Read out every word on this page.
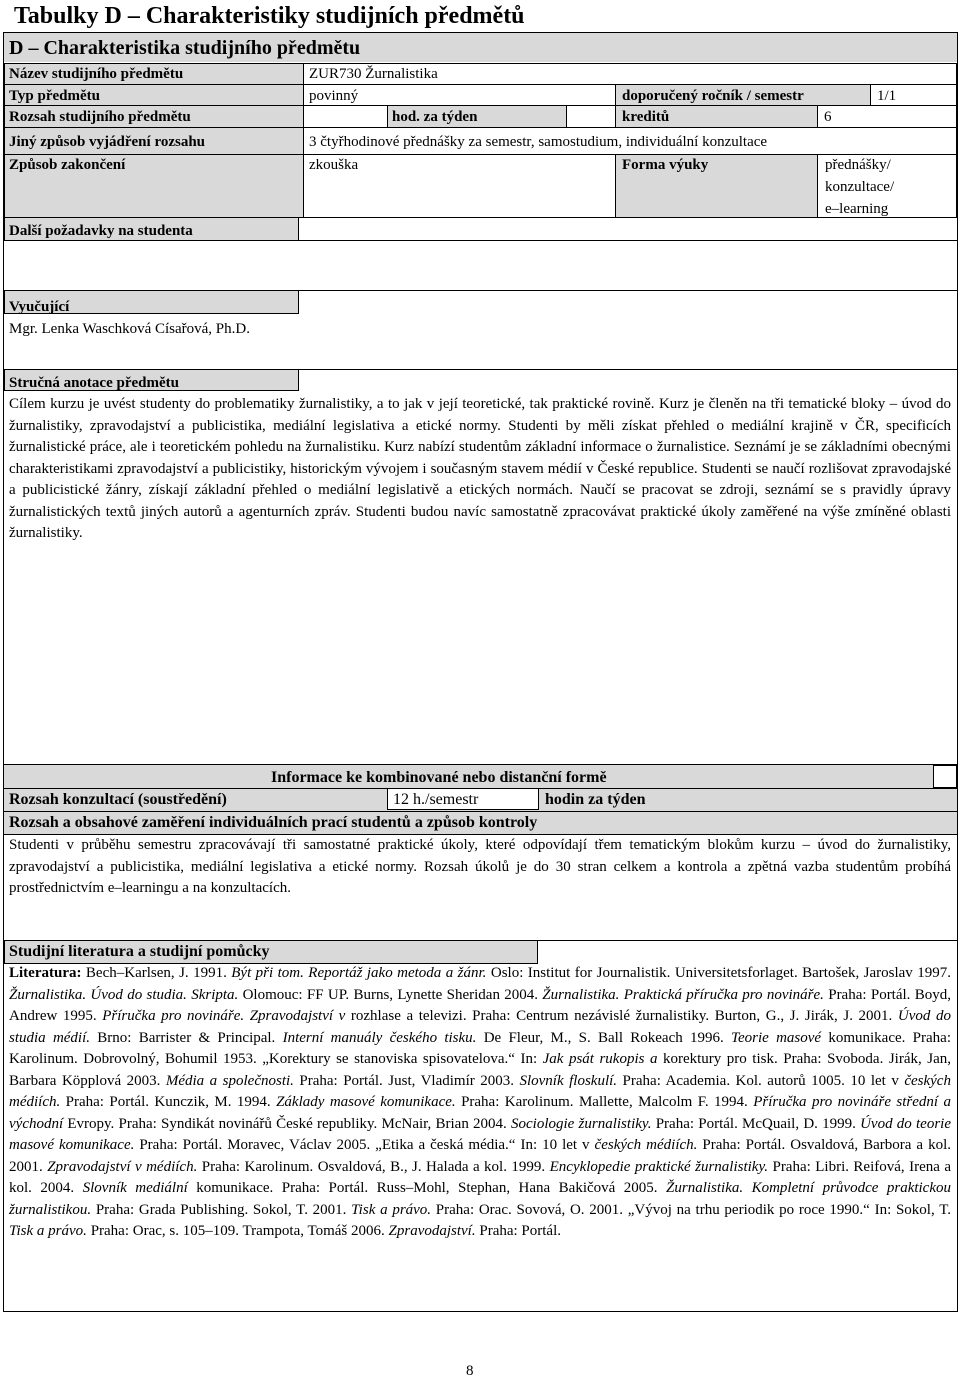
Tabulky D – Charakteristiky studijních předmětů
D – Charakteristika studijního předmětu
Název studijního předmětu	ZUR730 Žurnalistika
Typ předmětu	povinný	doporučený ročník / semestr	1/1
Rozsah studijního předmětu	hod. za týden	kreditů	6
Jiný způsob vyjádření rozsahu	3 čtyřhodinové přednášky za semestr, samostudium, individuální konzultace
Způsob zakončení	zkouška	Forma výuky	přednášky/
konzultace/
e–learning
Další požadavky na studenta
Vyučující
Mgr. Lenka Waschková Císařová, Ph.D.
Stručná anotace předmětu
Cílem kurzu je uvést studenty do problematiky žurnalistiky, a to jak v její teoretické, tak praktické rovině. Kurz je členěn na tři tematické bloky – úvod do žurnalistiky, zpravodajství a publicistika, mediální legislativa a etické normy. Studenti by měli získat přehled o mediální krajině v ČR, specificích žurnalistické práce, ale i teoretickém pohledu na žurnalistiku. Kurz nabízí studentům základní informace o žurnalistice. Seznámí je se základními obecnými charakteristikami zpravodajství a publicistiky, historickým vývojem i současným stavem médií v České republice. Studenti se naučí rozlišovat zpravodajské a publicistické žánry, získají základní přehled o mediální legislativě a etických normách. Naučí se pracovat se zdroji, seznámí se s pravidly úpravy žurnalistických textů jiných autorů a agenturních zpráv. Studenti budou navíc samostatně zpracovávat praktické úkoly zaměřené na výše zmíněné oblasti žurnalistiky.
Informace ke kombinované nebo distanční formě
Rozsah konzultací (soustředění)	12 h./semestr	hodin za týden
Rozsah a obsahové zaměření individuálních prací studentů a způsob kontroly
Studenti v průběhu semestru zpracovávají tři samostatné praktické úkoly, které odpovídají třem tematickým blokům kurzu – úvod do žurnalistiky, zpravodajství a publicistika, mediální legislativa a etické normy. Rozsah úkolů je do 30 stran celkem a kontrola a zpětná vazba studentům probíhá prostřednictvím e–learningu a na konzultacích.
Studijní literatura a studijní pomůcky
Literatura: Bech–Karlsen, J. 1991. Být při tom. Reportáž jako metoda a žánr. Oslo: Institut for Journalistik. Universitetsforlaget. Bartošek, Jaroslav 1997. Žurnalistika. Úvod do studia. Skripta. Olomouc: FF UP. Burns, Lynette Sheridan 2004. Žurnalistika. Praktická příručka pro novináře. Praha: Portál. Boyd, Andrew 1995. Příručka pro novináře. Zpravodajství v rozhlase a televizi. Praha: Centrum nezávislé žurnalistiky. Burton, G., J. Jirák, J. 2001. Úvod do studia médií. Brno: Barrister & Principal. Interní manuály českého tisku. De Fleur, M., S. Ball Rokeach 1996. Teorie masové komunikace. Praha: Karolinum. Dobrovolný, Bohumil 1953. „Korektury se stanoviska spisovatelova.“ In: Jak psát rukopis a korektury pro tisk. Praha: Svoboda. Jirák, Jan, Barbara Köpplová 2003. Média a společnosti. Praha: Portál. Just, Vladimír 2003. Slovník floskulí. Praha: Academia. Kol. autorů 1005. 10 let v českých médiích. Praha: Portál. Kunczik, M. 1994. Základy masové komunikace. Praha: Karolinum. Mallette, Malcolm F. 1994. Příručka pro novináře střední a východní Evropy. Praha: Syndikát novinářů České republiky. McNair, Brian 2004. Sociologie žurnalistiky. Praha: Portál. McQuail, D. 1999. Úvod do teorie masové komunikace. Praha: Portál. Moravec, Václav 2005. „Etika a česká média.“ In: 10 let v českých médiích. Praha: Portál. Osvaldová, Barbora a kol. 2001. Zpravodajství v médiích. Praha: Karolinum. Osvaldová, B., J. Halada a kol. 1999. Encyklopedie praktické žurnalistiky. Praha: Libri. Reifová, Irena a kol. 2004. Slovník mediální komunikace. Praha: Portál. Russ–Mohl, Stephan, Hana Bakičová 2005. Žurnalistika. Kompletní průvodce praktickou žurnalistikou. Praha: Grada Publishing. Sokol, T. 2001. Tisk a právo. Praha: Orac. Sovová, O. 2001. „Vývoj na trhu periodik po roce 1990.“ In: Sokol, T. Tisk a právo. Praha: Orac, s. 105–109. Trampota, Tomáš 2006. Zpravodajství. Praha: Portál.
8
